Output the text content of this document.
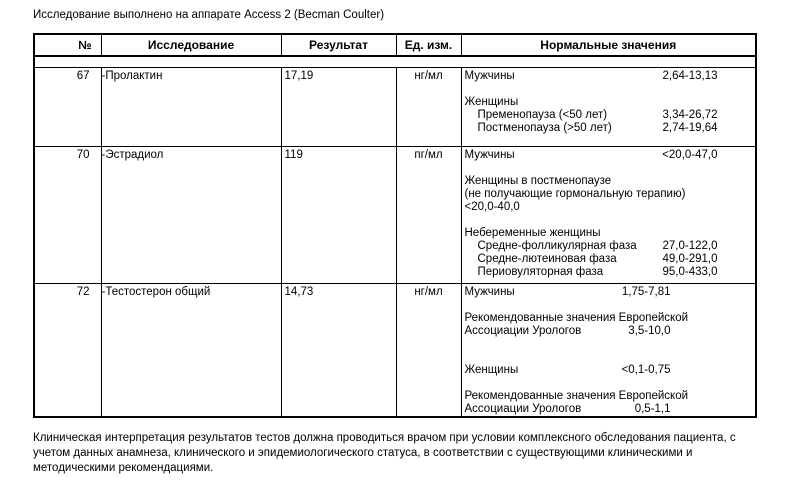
Исследование выполнено на аппарате Access 2 (Becman Coulter)
№	Исследование	Результат	Ед. изм.	Нормальные значения

67	-Пролактин	17,19	нг/мл	Мужчины	2,64-13,13

Женщины
Пременопауза (<50 лет)	3,34-26,72
Постменопауза (>50 лет)	2,74-19,64

70	-Эстрадиол	119	пг/мл	Мужчины	<20,0-47,0

Женщины в постменопаузе
(не получающие гормональную терапию)
<20,0-40,0

Небеременные женщины
Средне-фолликулярная фаза 27,0-122,0
Средне-лютеиновая фаза	49,0-291,0
Периовуляторная фаза	95,0-433,0

72	-Тестостерон общий	14,73	нг/мл	Мужчины	1,75-7,81

Рекомендованные значения Европейской
Ассоциации Урологов	3,5-10,0

Женщины	<0,1-0,75

Рекомендованные значения Европейской
Ассоциации Урологов	0,5-1,1
Клиническая интерпретация результатов тестов должна проводиться врачом при условии комплексного обследования пациента, с
учетом данных анамнеза, клинического и эпидемиологического статуса, в соответствии с существующими клиническими и
методическими рекомендациями.
